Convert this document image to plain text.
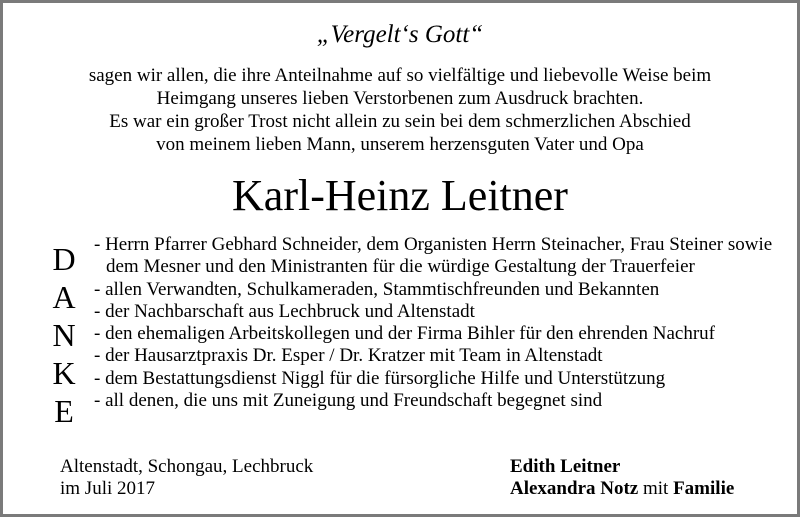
„Vergelt‘s Gott“

sagen wir allen, die ihre Anteilnahme auf so vielfältige und liebevolle Weise beim

Heimgang unseres lieben Verstorbenen zum Ausdruck brachten.

Es war ein großer Trost nicht allein zu sein bei dem schmerzlichen Abschied

von meinem lieben Mann, unserem herzensguten Vater und Opa

Karl-Heinz Leitner
D
A
N
K
E

- Herrn Pfarrer Gebhard Schneider, dem Organisten Herrn Steinacher, Frau Steiner sowie dem Mesner und den Ministranten für die würdige Gestaltung der Trauerfeier

- allen Verwandten, Schulkameraden, Stammtischfreunden und Bekannten

- der Nachbarschaft aus Lechbruck und Altenstadt

- den ehemaligen Arbeitskollegen und der Firma Bihler für den ehrenden Nachruf

- der Hausarztpraxis Dr. Esper / Dr. Kratzer mit Team in Altenstadt

- dem Bestattungsdienst Niggl für die fürsorgliche Hilfe und Unterstützung

- all denen, die uns mit Zuneigung und Freundschaft begegnet sind

Altenstadt, Schongau, Lechbruck
im Juli 2017
Edith Leitner
Alexandra Notz mit Familie
